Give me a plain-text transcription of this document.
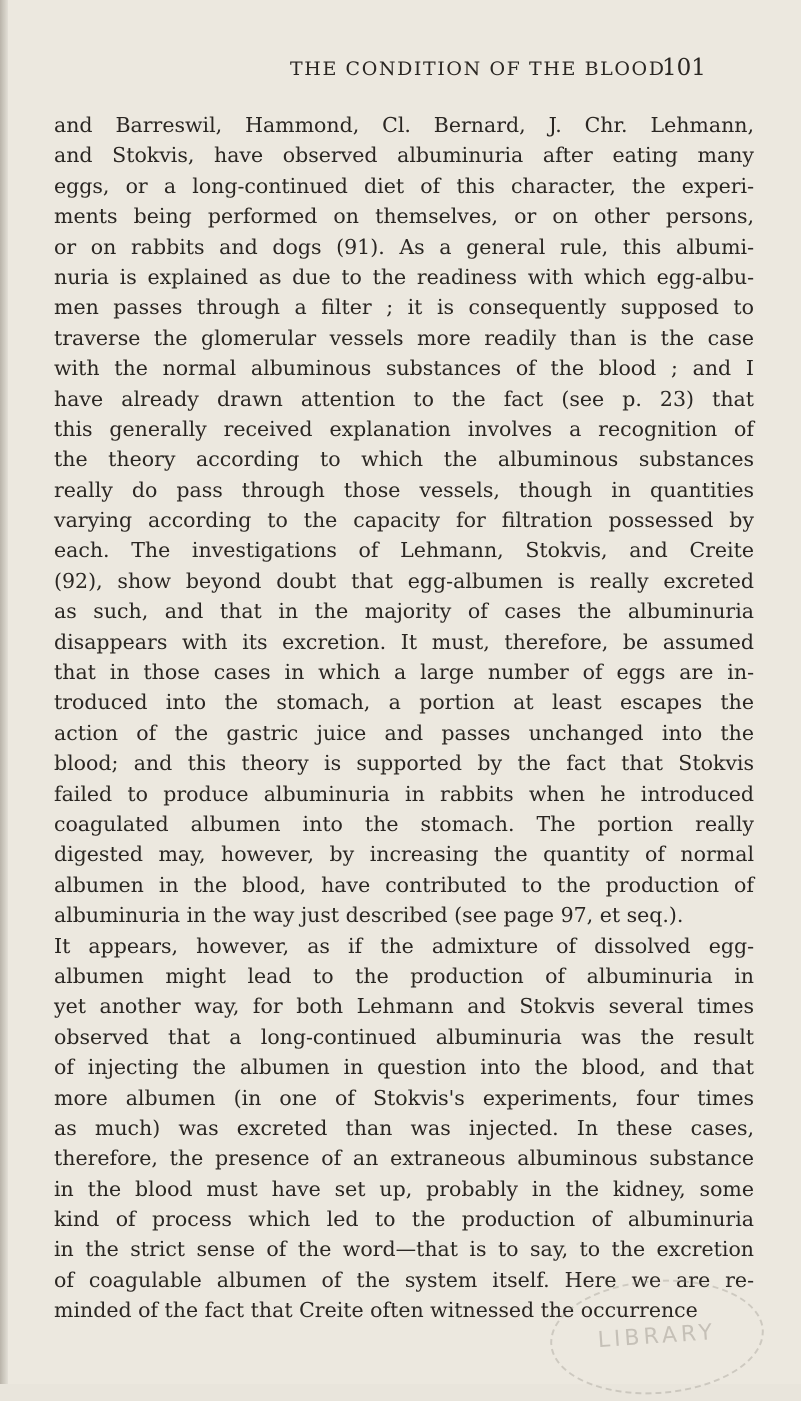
THE CONDITION OF THE BLOOD.
101
and Barreswil, Hammond, Cl. Bernard, J. Chr. Lehmann,
and Stokvis, have observed albuminuria after eating many
eggs, or a long-continued diet of this character, the experi-
ments being performed on themselves, or on other persons,
or on rabbits and dogs (91). As a general rule, this albumi-
nuria is explained as due to the readiness with which egg-albu-
men passes through a filter ; it is consequently supposed to
traverse the glomerular vessels more readily than is the case
with the normal albuminous substances of the blood ; and I
have already drawn attention to the fact (see p. 23) that
this generally received explanation involves a recognition of
the theory according to which the albuminous substances
really do pass through those vessels, though in quantities
varying according to the capacity for filtration possessed by
each. The investigations of Lehmann, Stokvis, and Creite
(92), show beyond doubt that egg-albumen is really excreted
as such, and that in the majority of cases the albuminuria
disappears with its excretion. It must, therefore, be assumed
that in those cases in which a large number of eggs are in-
troduced into the stomach, a portion at least escapes the
action of the gastric juice and passes unchanged into the
blood; and this theory is supported by the fact that Stokvis
failed to produce albuminuria in rabbits when he introduced
coagulated albumen into the stomach. The portion really
digested may, however, by increasing the quantity of normal
albumen in the blood, have contributed to the production of
albuminuria in the way just described (see page 97, et seq.).
It appears, however, as if the admixture of dissolved egg-
albumen might lead to the production of albuminuria in
yet another way, for both Lehmann and Stokvis several times
observed that a long-continued albuminuria was the result
of injecting the albumen in question into the blood, and that
more albumen (in one of Stokvis's experiments, four times
as much) was excreted than was injected. In these cases,
therefore, the presence of an extraneous albuminous substance
in the blood must have set up, probably in the kidney, some
kind of process which led to the production of albuminuria
in the strict sense of the word—that is to say, to the excretion
of coagulable albumen of the system itself. Here we are re-
minded of the fact that Creite often witnessed the occurrence
LIBRARY
